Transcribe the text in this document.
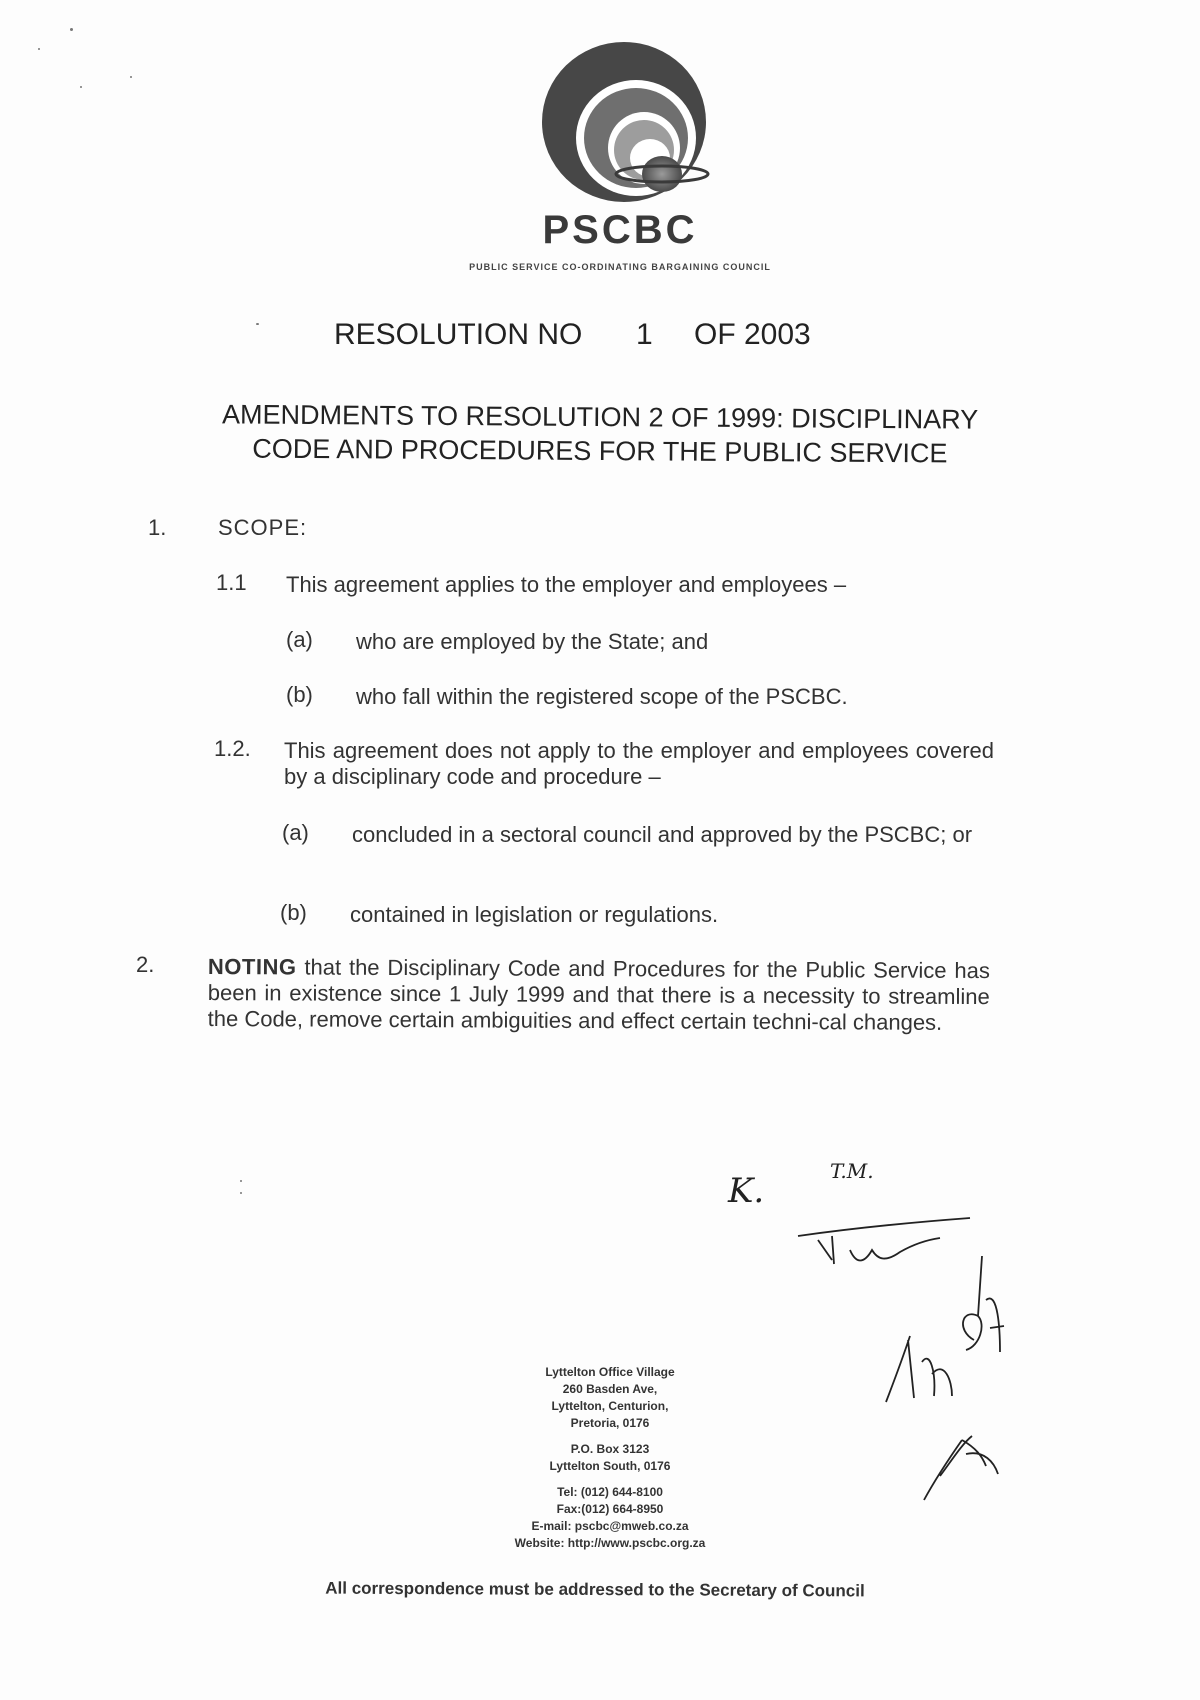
PSCBC
PUBLIC SERVICE CO-ORDINATING BARGAINING COUNCIL
RESOLUTION NO 1 OF 2003
AMENDMENTS TO RESOLUTION 2 OF 1999: DISCIPLINARY
CODE AND PROCEDURES FOR THE PUBLIC SERVICE
1. SCOPE:
1.1 This agreement applies to the employer and employees –
(a) who are employed by the State; and
(b) who fall within the registered scope of the PSCBC.
1.2. This agreement does not apply to the employer and employees covered by a disciplinary code and procedure –
(a) concluded in a sectoral council and approved by the PSCBC; or
(b) contained in legislation or regulations.
2. NOTING that the Disciplinary Code and Procedures for the Public Service has been in existence since 1 July 1999 and that there is a necessity to streamline the Code, remove certain ambiguities and effect certain techni-cal changes.
K.	T.M.
Lyttelton Office Village
260 Basden Ave,
Lyttelton, Centurion,
Pretoria, 0176
P.O. Box 3123
Lyttelton South, 0176
Tel: (012) 644-8100
Fax:(012) 664-8950
E-mail: pscbc@mweb.co.za
Website: http://www.pscbc.org.za
All correspondence must be addressed to the Secretary of Council
